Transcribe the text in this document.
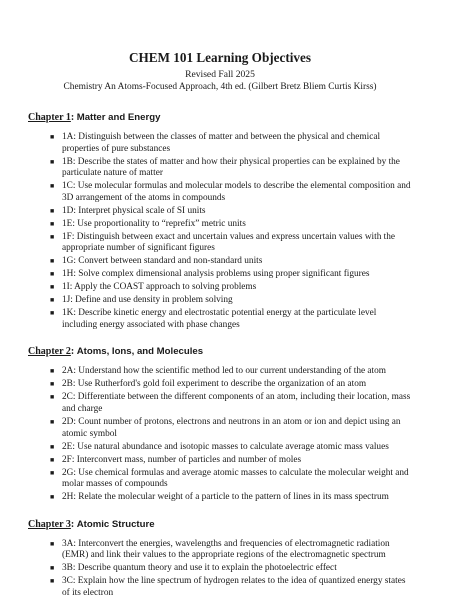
CHEM 101 Learning Objectives
Revised Fall 2025
Chemistry An Atoms-Focused Approach, 4th ed. (Gilbert Bretz Bliem Curtis Kirss)
Chapter 1: Matter and Energy
■ 1A: Distinguish between the classes of matter and between the physical and chemical properties of pure substances
■ 1B: Describe the states of matter and how their physical properties can be explained by the particulate nature of matter
■ 1C: Use molecular formulas and molecular models to describe the elemental composition and 3D arrangement of the atoms in compounds
■ 1D: Interpret physical scale of SI units
■ 1E: Use proportionality to “reprefix” metric units
■ 1F: Distinguish between exact and uncertain values and express uncertain values with the appropriate number of significant figures
■ 1G: Convert between standard and non-standard units
■ 1H: Solve complex dimensional analysis problems using proper significant figures
■ 1I: Apply the COAST approach to solving problems
■ 1J: Define and use density in problem solving
■ 1K: Describe kinetic energy and electrostatic potential energy at the particulate level including energy associated with phase changes
Chapter 2: Atoms, Ions, and Molecules
■ 2A: Understand how the scientific method led to our current understanding of the atom
■ 2B: Use Rutherford's gold foil experiment to describe the organization of an atom
■ 2C: Differentiate between the different components of an atom, including their location, mass and charge
■ 2D: Count number of protons, electrons and neutrons in an atom or ion and depict using an atomic symbol
■ 2E: Use natural abundance and isotopic masses to calculate average atomic mass values
■ 2F: Interconvert mass, number of particles and number of moles
■ 2G: Use chemical formulas and average atomic masses to calculate the molecular weight and molar masses of compounds
■ 2H: Relate the molecular weight of a particle to the pattern of lines in its mass spectrum
Chapter 3: Atomic Structure
■ 3A: Interconvert the energies, wavelengths and frequencies of electromagnetic radiation (EMR) and link their values to the appropriate regions of the electromagnetic spectrum
■ 3B: Describe quantum theory and use it to explain the photoelectric effect
■ 3C: Explain how the line spectrum of hydrogen relates to the idea of quantized energy states of its electron
